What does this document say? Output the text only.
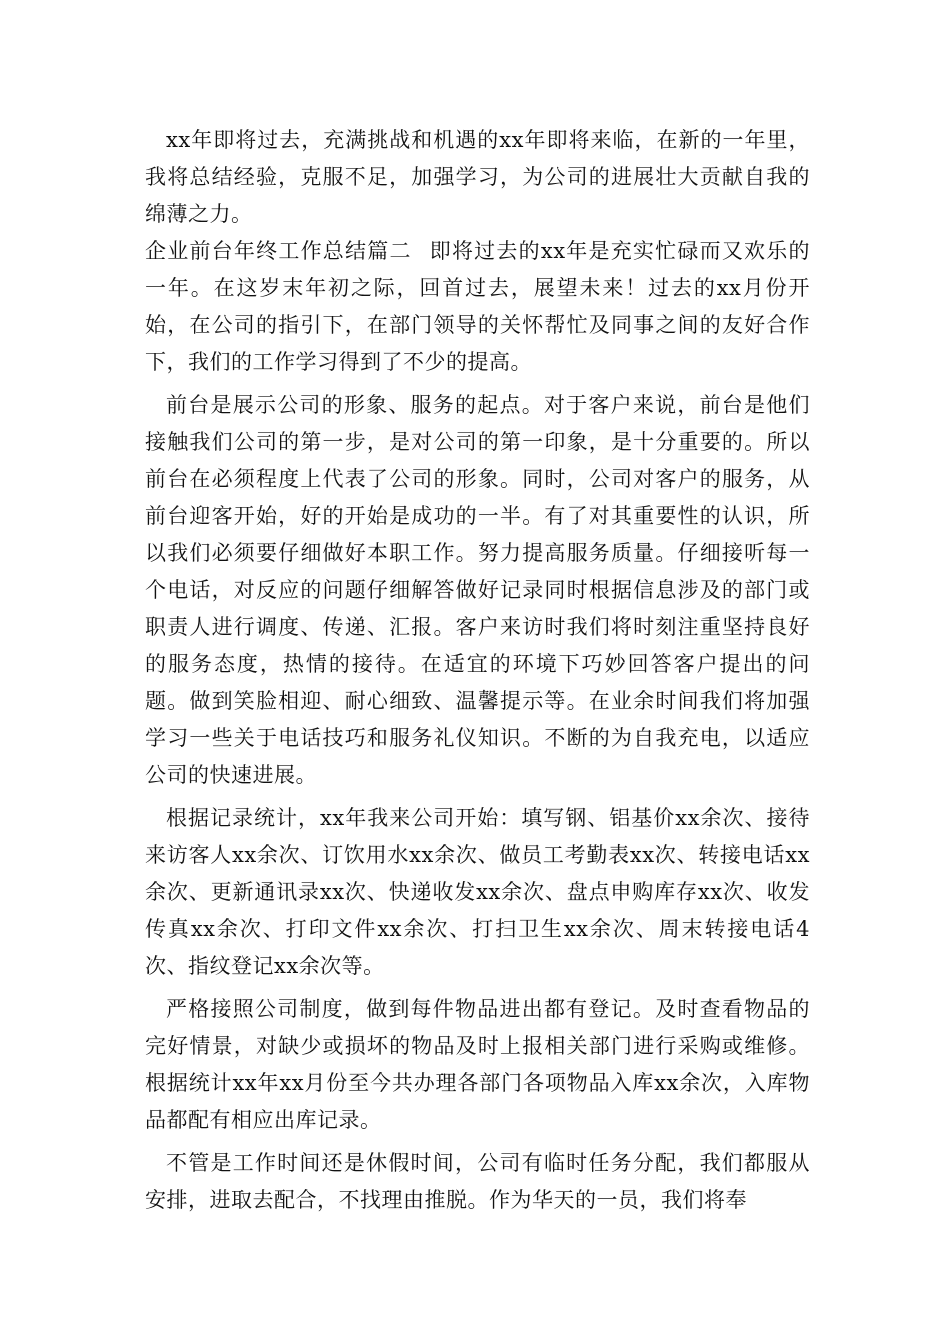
xx年即将过去，充满挑战和机遇的xx年即将来临，在新的一年里，我将总结经验，克服不足，加强学习，为公司的进展壮大贡献自我的绵薄之力。

企业前台年终工作总结篇二 即将过去的xx年是充实忙碌而又欢乐的一年。在这岁末年初之际，回首过去，展望未来！过去的xx月份开始，在公司的指引下，在部门领导的关怀帮忙及同事之间的友好合作下，我们的工作学习得到了不少的提高。

前台是展示公司的形象、服务的起点。对于客户来说，前台是他们接触我们公司的第一步，是对公司的第一印象，是十分重要的。所以前台在必须程度上代表了公司的形象。同时，公司对客户的服务，从前台迎客开始，好的开始是成功的一半。有了对其重要性的认识，所以我们必须要仔细做好本职工作。努力提高服务质量。仔细接听每一个电话，对反应的问题仔细解答做好记录同时根据信息涉及的部门或职责人进行调度、传递、汇报。客户来访时我们将时刻注重坚持良好的服务态度，热情的接待。在适宜的环境下巧妙回答客户提出的问题。做到笑脸相迎、耐心细致、温馨提示等。在业余时间我们将加强学习一些关于电话技巧和服务礼仪知识。不断的为自我充电，以适应公司的快速进展。

根据记录统计，xx年我来公司开始：填写钢、铝基价xx余次、接待来访客人xx余次、订饮用水xx余次、做员工考勤表xx次、转接电话xx余次、更新通讯录xx次、快递收发xx余次、盘点申购库存xx次、收发传真xx余次、打印文件xx余次、打扫卫生xx余次、周末转接电话4次、指纹登记xx余次等。

严格接照公司制度，做到每件物品进出都有登记。及时查看物品的完好情景，对缺少或损坏的物品及时上报相关部门进行采购或维修。根据统计xx年xx月份至今共办理各部门各项物品入库xx余次，入库物品都配有相应出库记录。

不管是工作时间还是休假时间，公司有临时任务分配，我们都服从安排，进取去配合，不找理由推脱。作为华天的一员，我们将奉
